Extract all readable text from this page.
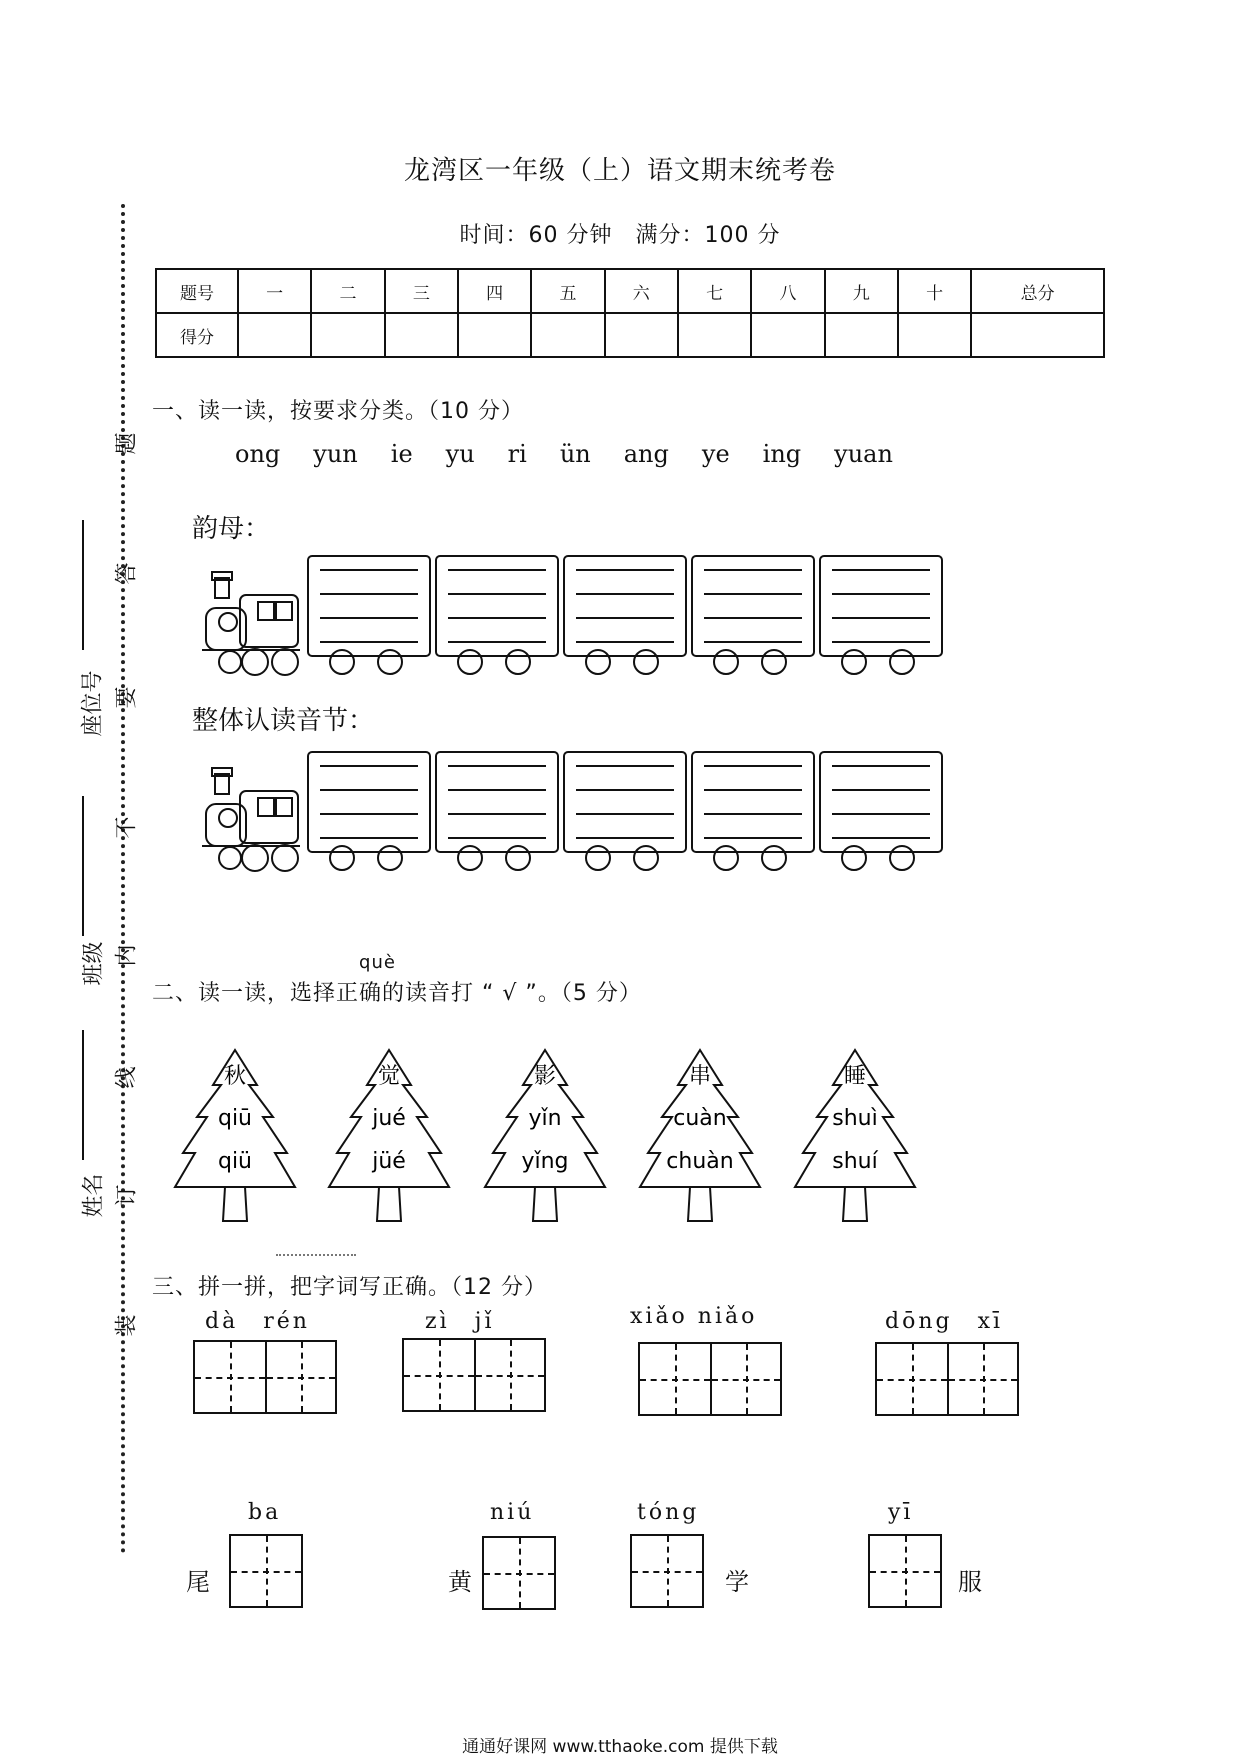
龙湾区一年级（上）语文期末统考卷
时间：60 分钟　满分：100 分
题号	一	二	三	四	五	六	七	八	九	十	总分
得分											
题
答
要
不
内
线
订
装
座位号
班级
姓名
一、读一读，按要求分类。（10 分）
ong yun ie yu ri ün ang ye ing yuan
韵母：
整体认读音节：
二、读一读，选择正
què
确的读音打 “ √ ”。（5 分）
秋
qiū
qiü
觉
jué
jüé
影
yǐn
yǐng
串
cuàn
chuàn
睡
shuì
shuí
三、拼一拼，把字词写正确。（12 分）
dà　rén	zì　jǐ	xiǎo niǎo	dōng　xī
ba
尾
niú
黄
tóng
学
yī
服
通通好课网 www.tthaoke.com 提供下载
